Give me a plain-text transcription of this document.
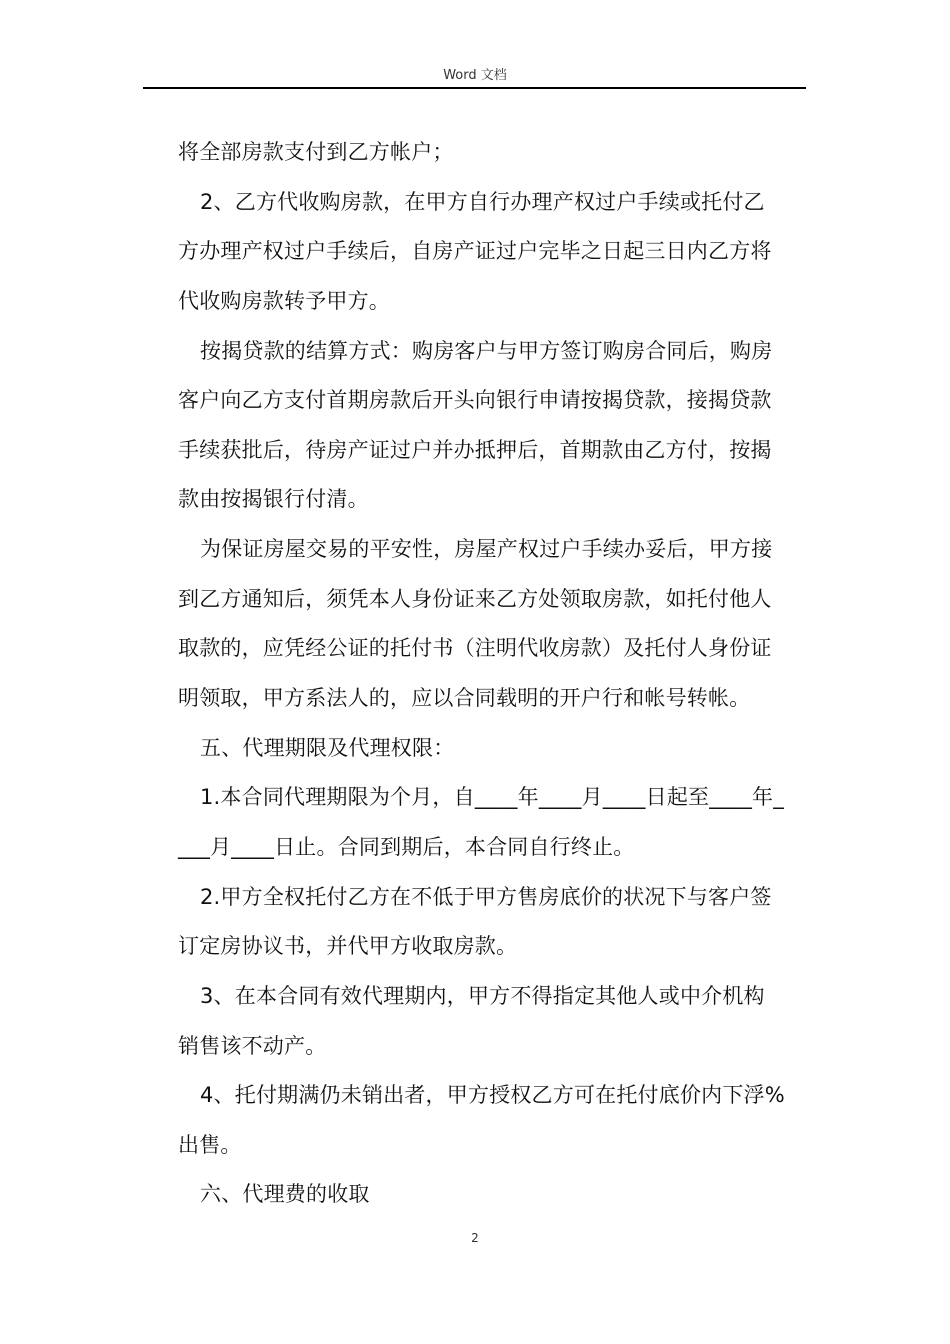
Word 文档
将全部房款支付到乙方帐户；
2、乙方代收购房款，在甲方自行办理产权过户手续或托付乙
方办理产权过户手续后，自房产证过户完毕之日起三日内乙方将
代收购房款转予甲方。
按揭贷款的结算方式：购房客户与甲方签订购房合同后，购房
客户向乙方支付首期房款后开头向银行申请按揭贷款，接揭贷款
手续获批后，待房产证过户并办抵押后，首期款由乙方付，按揭
款由按揭银行付清。
为保证房屋交易的平安性，房屋产权过户手续办妥后，甲方接
到乙方通知后，须凭本人身份证来乙方处领取房款，如托付他人
取款的，应凭经公证的托付书（注明代收房款）及托付人身份证
明领取，甲方系法人的，应以合同载明的开户行和帐号转帐。
五、代理期限及代理权限：
1.本合同代理期限为个月，自____年____月____日起至____年_
___月____日止。合同到期后，本合同自行终止。
2.甲方全权托付乙方在不低于甲方售房底价的状况下与客户签
订定房协议书，并代甲方收取房款。
3、在本合同有效代理期内，甲方不得指定其他人或中介机构
销售该不动产。
4、托付期满仍未销出者，甲方授权乙方可在托付底价内下浮%
出售。
六、代理费的收取
2
